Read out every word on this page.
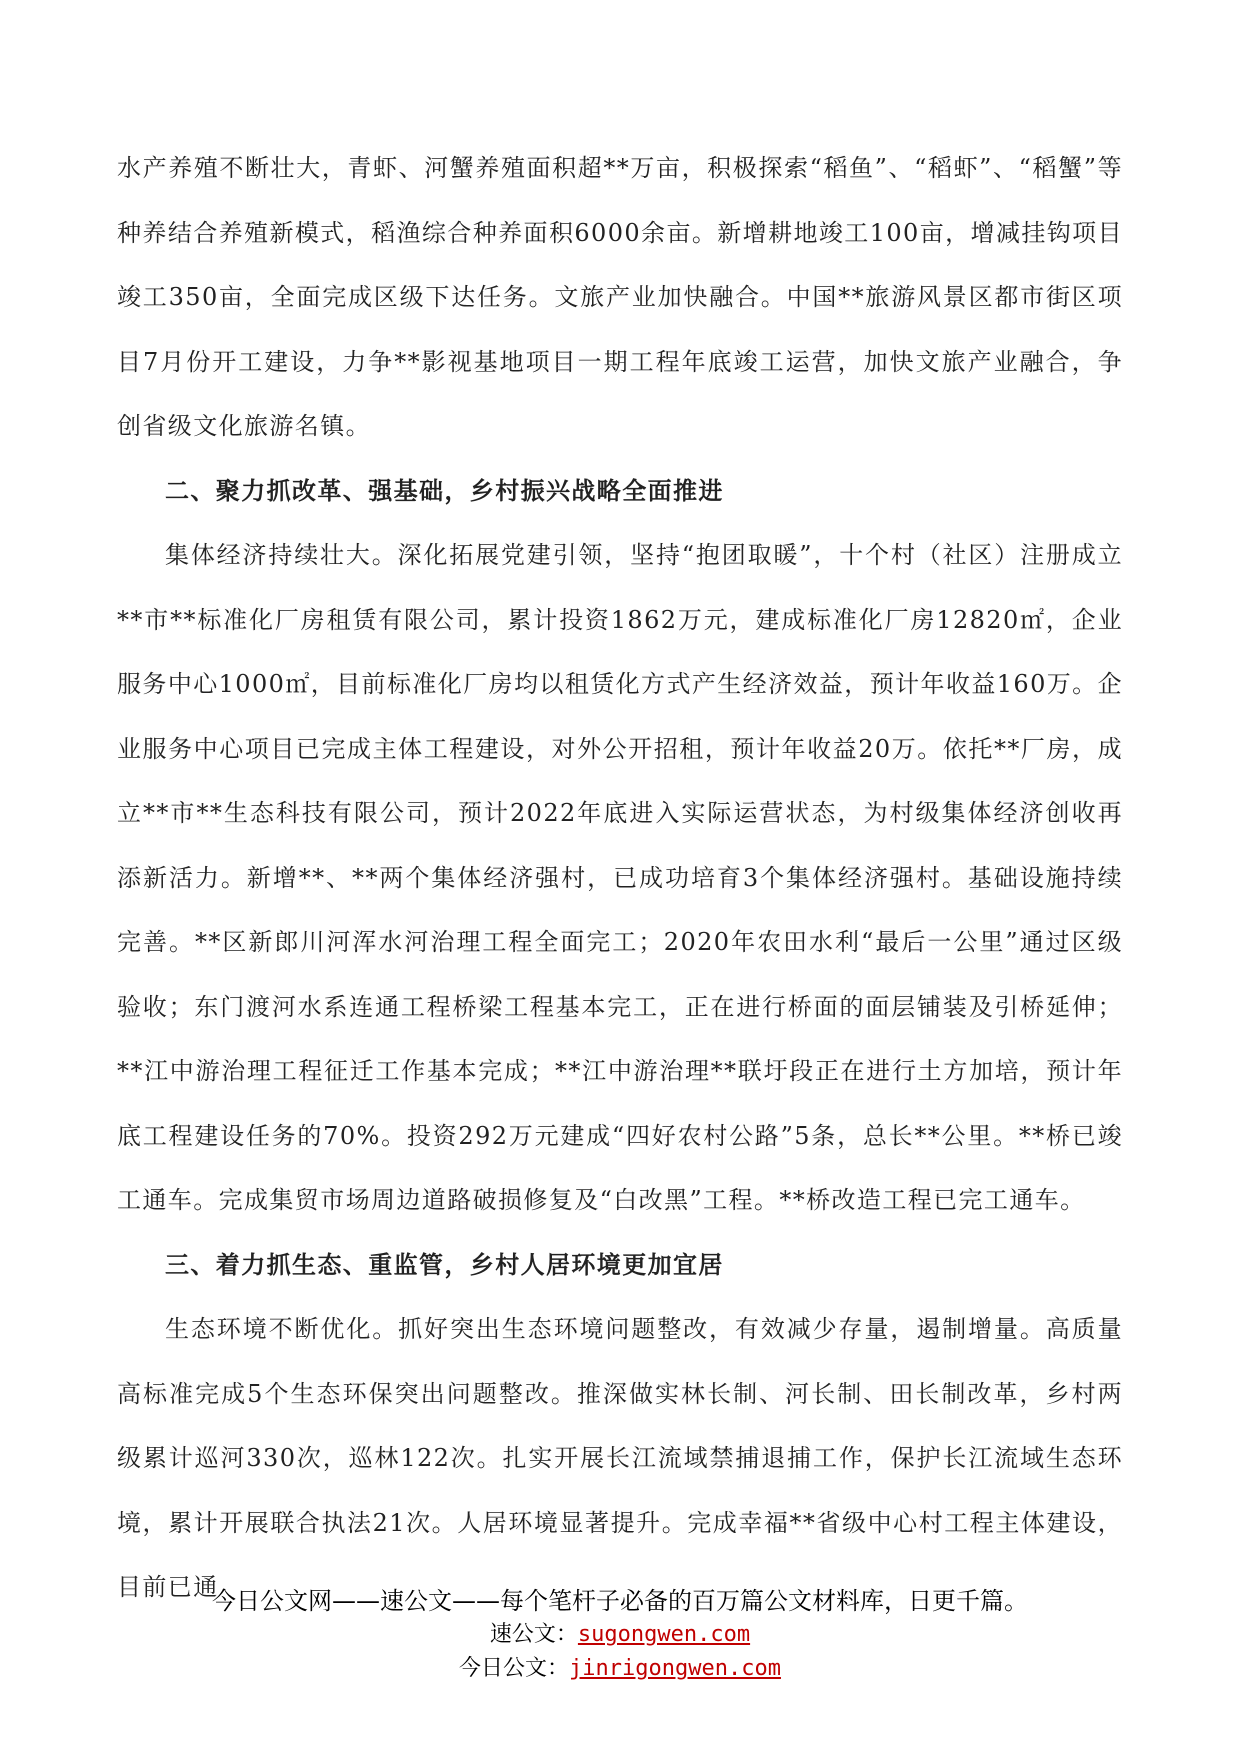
水产养殖不断壮大，青虾、河蟹养殖面积超**万亩，积极探索“稻鱼”、“稻虾”、“稻蟹”等种养结合养殖新模式，稻渔综合种养面积6000余亩。新增耕地竣工100亩，增减挂钩项目竣工350亩，全面完成区级下达任务。文旅产业加快融合。中国**旅游风景区都市街区项目7月份开工建设，力争**影视基地项目一期工程年底竣工运营，加快文旅产业融合，争创省级文化旅游名镇。

二、聚力抓改革、强基础，乡村振兴战略全面推进

集体经济持续壮大。深化拓展党建引领，坚持“抱团取暖”，十个村（社区）注册成立**市**标准化厂房租赁有限公司，累计投资1862万元，建成标准化厂房12820㎡，企业服务中心1000㎡，目前标准化厂房均以租赁化方式产生经济效益，预计年收益160万。企业服务中心项目已完成主体工程建设，对外公开招租，预计年收益20万。依托**厂房，成立**市**生态科技有限公司，预计2022年底进入实际运营状态，为村级集体经济创收再添新活力。新增**、**两个集体经济强村，已成功培育3个集体经济强村。基础设施持续完善。**区新郎川河浑水河治理工程全面完工；2020年农田水利“最后一公里”通过区级验收；东门渡河水系连通工程桥梁工程基本完工，正在进行桥面的面层铺装及引桥延伸；**江中游治理工程征迁工作基本完成；**江中游治理**联圩段正在进行土方加培，预计年底工程建设任务的70%。投资292万元建成“四好农村公路”5条，总长**公里。**桥已竣工通车。完成集贸市场周边道路破损修复及“白改黑”工程。**桥改造工程已完工通车。

三、着力抓生态、重监管，乡村人居环境更加宜居

生态环境不断优化。抓好突出生态环境问题整改，有效减少存量，遏制增量。高质量高标准完成5个生态环保突出问题整改。推深做实林长制、河长制、田长制改革，乡村两级累计巡河330次，巡林122次。扎实开展长江流域禁捕退捕工作，保护长江流域生态环境，累计开展联合执法21次。人居环境显著提升。完成幸福**省级中心村工程主体建设，目前已通

今日公文网——速公文——每个笔杆子必备的百万篇公文材料库，日更千篇。
速公文：sugongwen.com
今日公文：jinrigongwen.com
